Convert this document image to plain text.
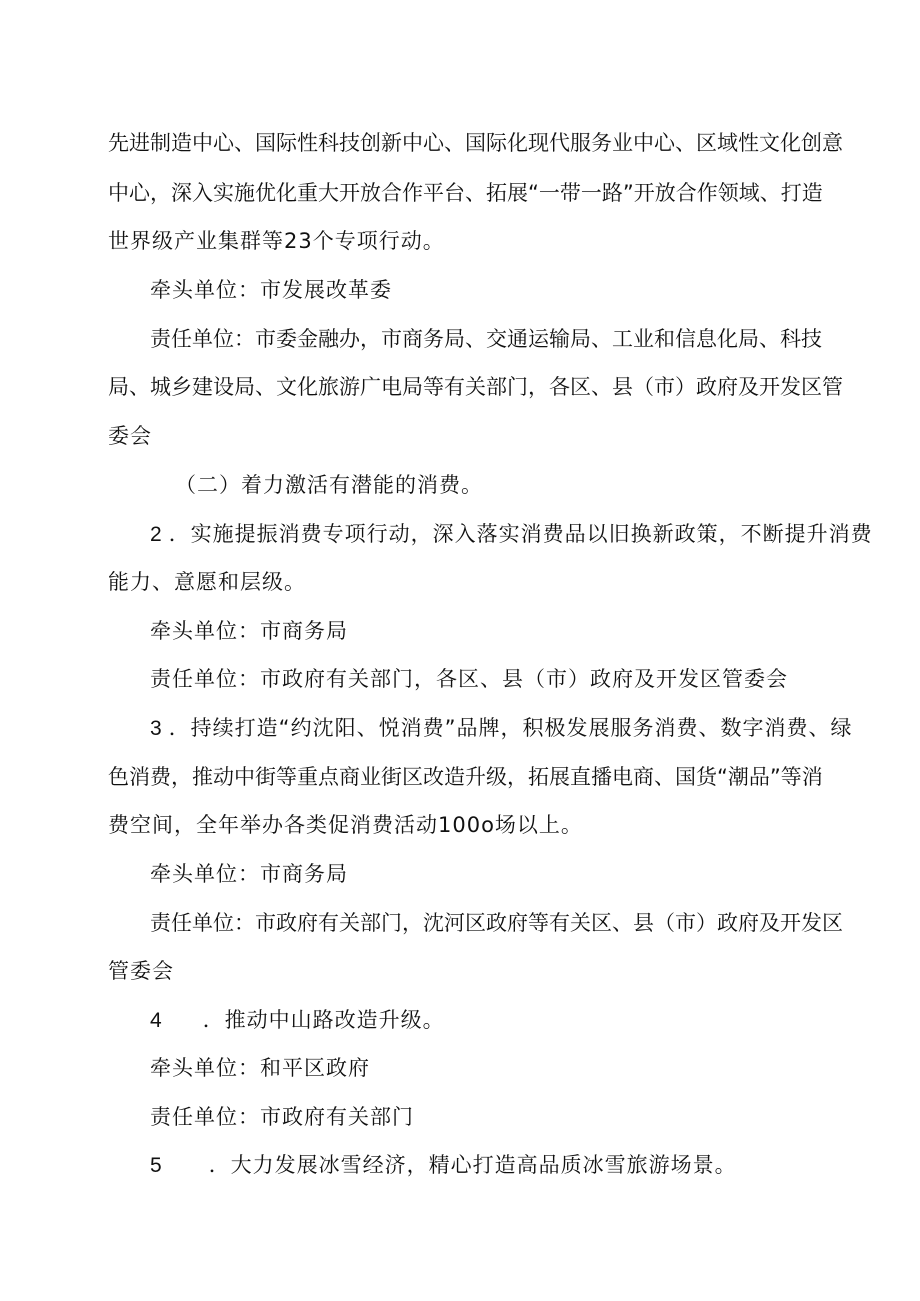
先进制造中心、国际性科技创新中心、国际化现代服务业中心、区域性文化创意
中心，深入实施优化重大开放合作平台、拓展“一带一路”开放合作领域、打造
世界级产业集群等23个专项行动。
牵头单位：市发展改革委
责任单位：市委金融办，市商务局、交通运输局、工业和信息化局、科技
局、城乡建设局、文化旅游广电局等有关部门，各区、县（市）政府及开发区管
委会
（二）着力激活有潜能的消费。
2 ．实施提振消费专项行动，深入落实消费品以旧换新政策，不断提升消费
能力、意愿和层级。
牵头单位：市商务局
责任单位：市政府有关部门，各区、县（市）政府及开发区管委会
3 ．持续打造“约沈阳、悦消费”品牌，积极发展服务消费、数字消费、绿
色消费，推动中街等重点商业街区改造升级，拓展直播电商、国货“潮品”等消
费空间，全年举办各类促消费活动100o场以上。
牵头单位：市商务局
责任单位：市政府有关部门，沈河区政府等有关区、县（市）政府及开发区
管委会
4 ．推动中山路改造升级。
牵头单位：和平区政府
责任单位：市政府有关部门
5 ．大力发展冰雪经济，精心打造高品质冰雪旅游场景。
